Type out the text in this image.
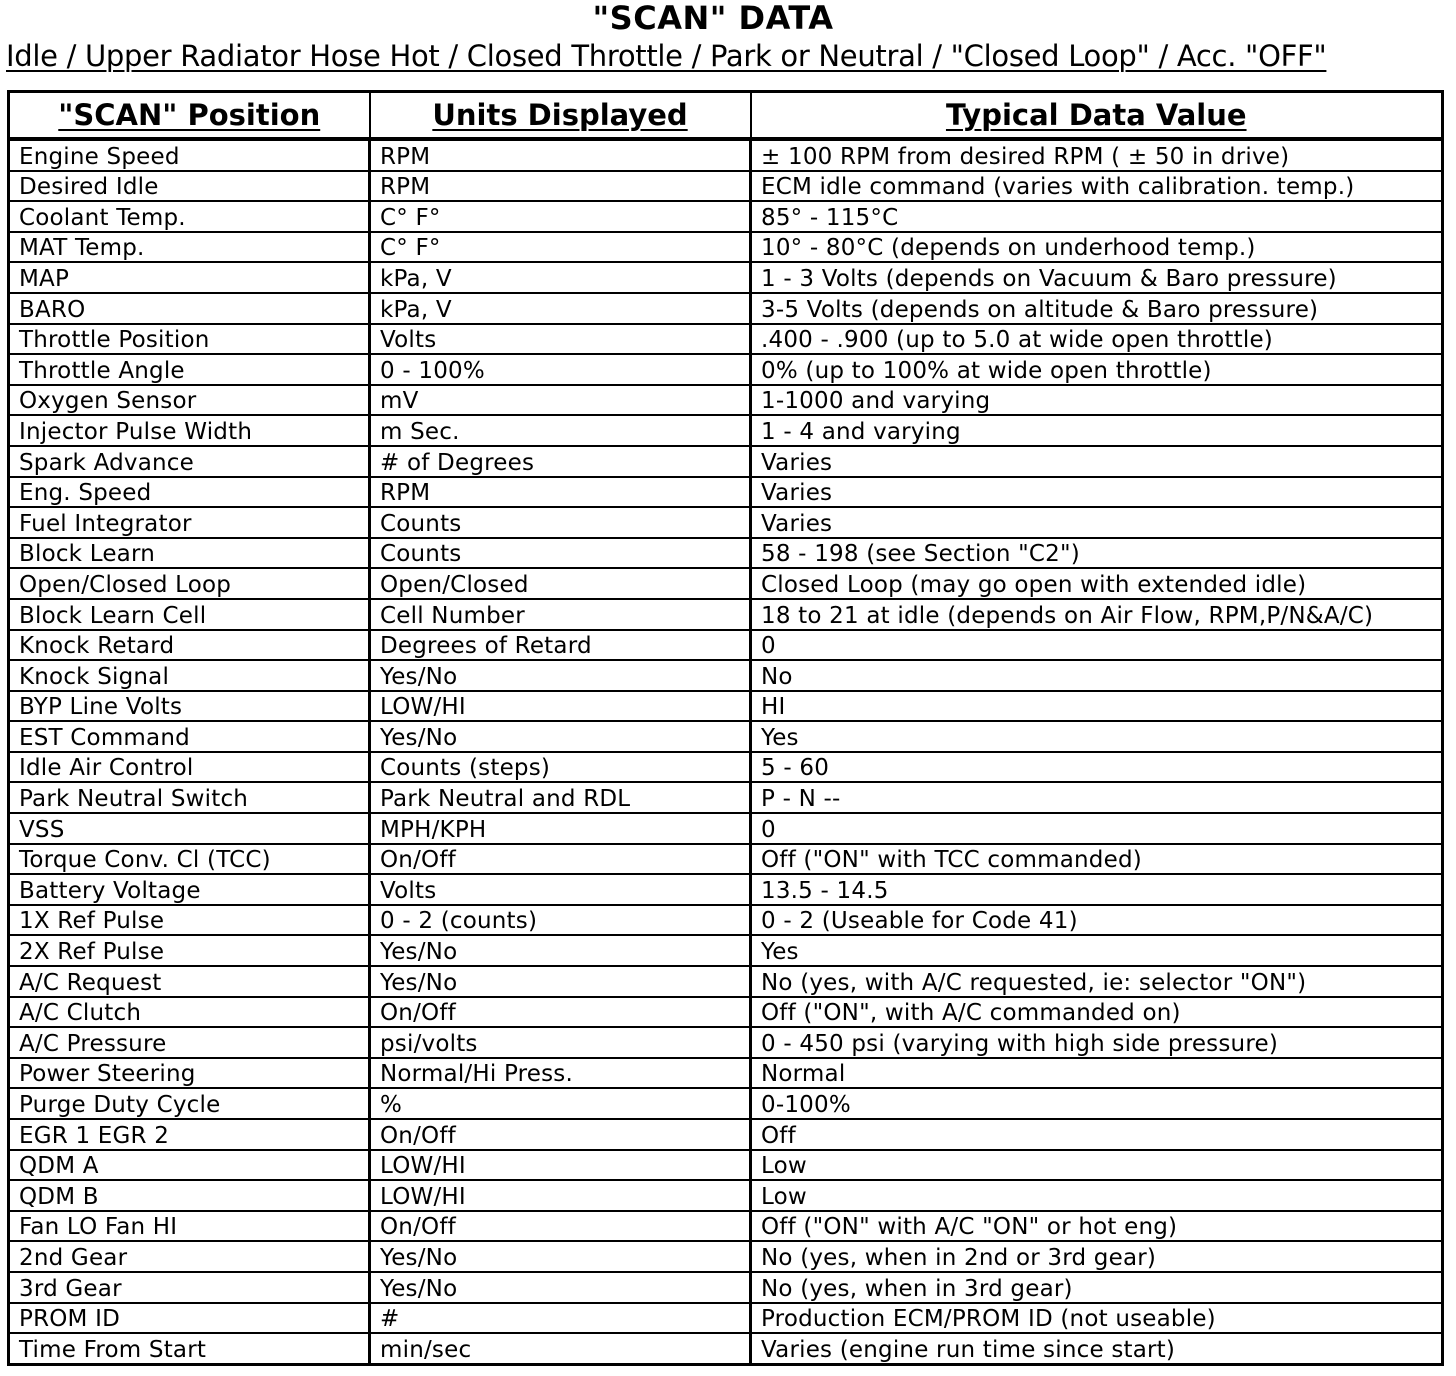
"SCAN" DATA
Idle / Upper Radiator Hose Hot / Closed Throttle / Park or Neutral / "Closed Loop" / Acc. "OFF"
"SCAN" Position	Units Displayed	Typical Data Value
Engine Speed	RPM	± 100 RPM from desired RPM ( ± 50 in drive)
Desired Idle	RPM	ECM idle command (varies with calibration. temp.)
Coolant Temp.	C° F°	85° - 115°C
MAT Temp.	C° F°	10° - 80°C (depends on underhood temp.)
MAP	kPa, V	1 - 3 Volts (depends on Vacuum & Baro pressure)
BARO	kPa, V	3-5 Volts (depends on altitude & Baro pressure)
Throttle Position	Volts	.400 - .900 (up to 5.0 at wide open throttle)
Throttle Angle	0 - 100%	0% (up to 100% at wide open throttle)
Oxygen Sensor	mV	1-1000 and varying
Injector Pulse Width	m Sec.	1 - 4 and varying
Spark Advance	# of Degrees	Varies
Eng. Speed	RPM	Varies
Fuel Integrator	Counts	Varies
Block Learn	Counts	58 - 198 (see Section "C2")
Open/Closed Loop	Open/Closed	Closed Loop (may go open with extended idle)
Block Learn Cell	Cell Number	18 to 21 at idle (depends on Air Flow, RPM,P/N&A/C)
Knock Retard	Degrees of Retard	0
Knock Signal	Yes/No	No
BYP Line Volts	LOW/HI	HI
EST Command	Yes/No	Yes
Idle Air Control	Counts (steps)	5 - 60
Park Neutral Switch	Park Neutral and RDL	P - N --
VSS	MPH/KPH	0
Torque Conv. Cl (TCC)	On/Off	Off ("ON" with TCC commanded)
Battery Voltage	Volts	13.5 - 14.5
1X Ref Pulse	0 - 2 (counts)	0 - 2 (Useable for Code 41)
2X Ref Pulse	Yes/No	Yes
A/C Request	Yes/No	No (yes, with A/C requested, ie: selector "ON")
A/C Clutch	On/Off	Off ("ON", with A/C commanded on)
A/C Pressure	psi/volts	0 - 450 psi (varying with high side pressure)
Power Steering	Normal/Hi Press.	Normal
Purge Duty Cycle	%	0-100%
EGR 1 EGR 2	On/Off	Off
QDM A	LOW/HI	Low
QDM B	LOW/HI	Low
Fan LO Fan HI	On/Off	Off ("ON" with A/C "ON" or hot eng)
2nd Gear	Yes/No	No (yes, when in 2nd or 3rd gear)
3rd Gear	Yes/No	No (yes, when in 3rd gear)
PROM ID	#	Production ECM/PROM ID (not useable)
Time From Start	min/sec	Varies (engine run time since start)
